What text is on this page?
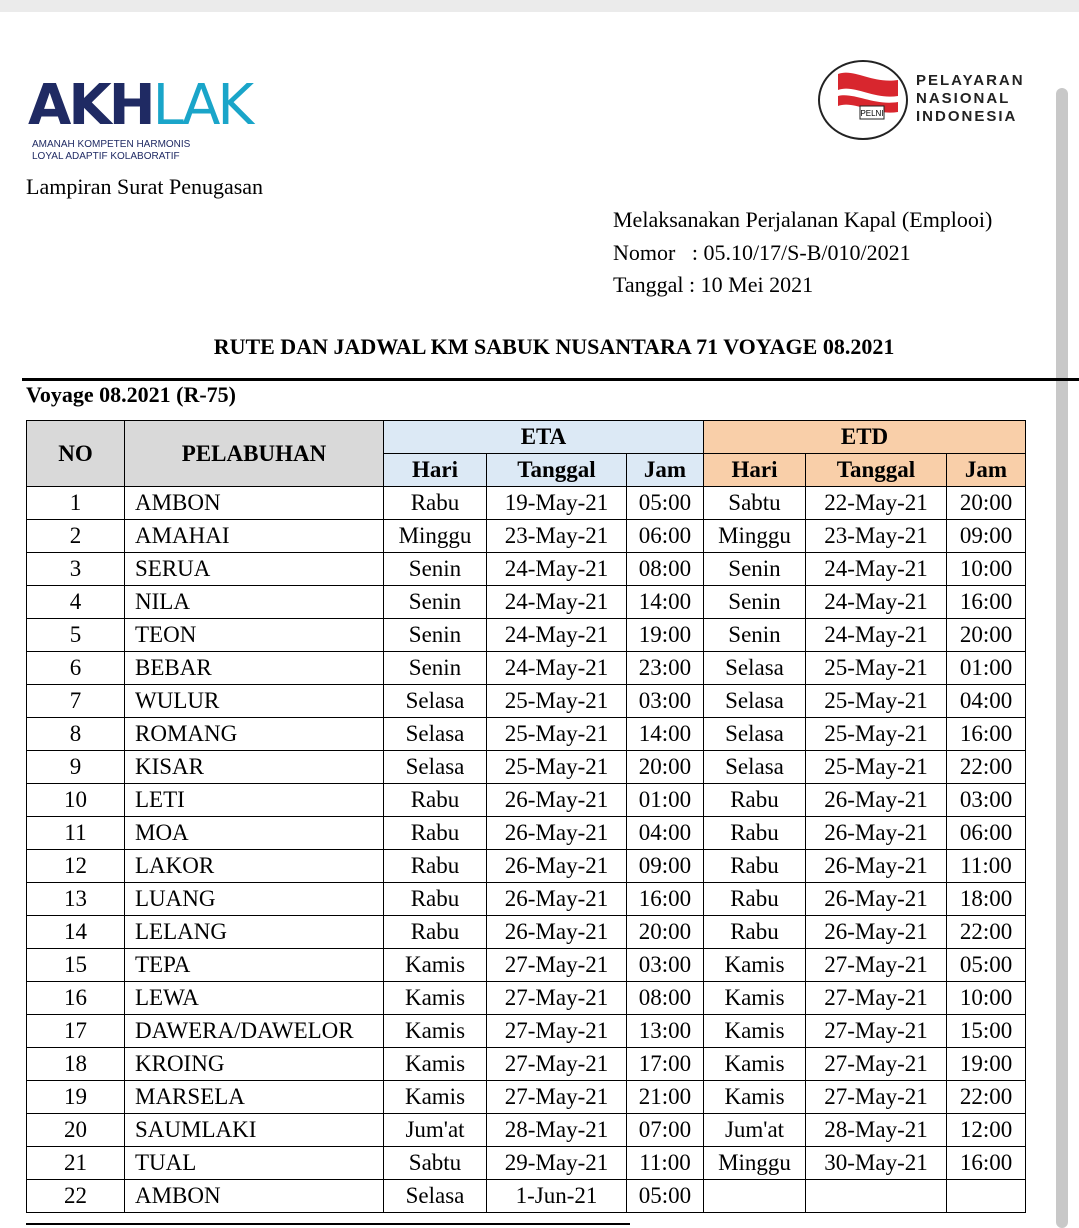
AKHLAK
AMANAH KOMPETEN HARMONIS
LOYAL ADAPTIF KOLABORATIF
PELNI
PELAYARAN
NASIONAL
INDONESIA
Lampiran Surat Penugasan
Melaksanakan Perjalanan Kapal (Emplooi)
Nomor   : 05.10/17/S-B/010/2021
Tanggal : 10 Mei 2021
RUTE DAN JADWAL KM SABUK NUSANTARA 71 VOYAGE 08.2021
Voyage 08.2021 (R-75)
NO	PELABUHAN	ETA			ETD		
		Hari	Tanggal	Jam	Hari	Tanggal	Jam
1	AMBON	Rabu	19-May-21	05:00	Sabtu	22-May-21	20:00
2	AMAHAI	Minggu	23-May-21	06:00	Minggu	23-May-21	09:00
3	SERUA	Senin	24-May-21	08:00	Senin	24-May-21	10:00
4	NILA	Senin	24-May-21	14:00	Senin	24-May-21	16:00
5	TEON	Senin	24-May-21	19:00	Senin	24-May-21	20:00
6	BEBAR	Senin	24-May-21	23:00	Selasa	25-May-21	01:00
7	WULUR	Selasa	25-May-21	03:00	Selasa	25-May-21	04:00
8	ROMANG	Selasa	25-May-21	14:00	Selasa	25-May-21	16:00
9	KISAR	Selasa	25-May-21	20:00	Selasa	25-May-21	22:00
10	LETI	Rabu	26-May-21	01:00	Rabu	26-May-21	03:00
11	MOA	Rabu	26-May-21	04:00	Rabu	26-May-21	06:00
12	LAKOR	Rabu	26-May-21	09:00	Rabu	26-May-21	11:00
13	LUANG	Rabu	26-May-21	16:00	Rabu	26-May-21	18:00
14	LELANG	Rabu	26-May-21	20:00	Rabu	26-May-21	22:00
15	TEPA	Kamis	27-May-21	03:00	Kamis	27-May-21	05:00
16	LEWA	Kamis	27-May-21	08:00	Kamis	27-May-21	10:00
17	DAWERA/DAWELOR	Kamis	27-May-21	13:00	Kamis	27-May-21	15:00
18	KROING	Kamis	27-May-21	17:00	Kamis	27-May-21	19:00
19	MARSELA	Kamis	27-May-21	21:00	Kamis	27-May-21	22:00
20	SAUMLAKI	Jum'at	28-May-21	07:00	Jum'at	28-May-21	12:00
21	TUAL	Sabtu	29-May-21	11:00	Minggu	30-May-21	16:00
22	AMBON	Selasa	1-Jun-21	05:00			
